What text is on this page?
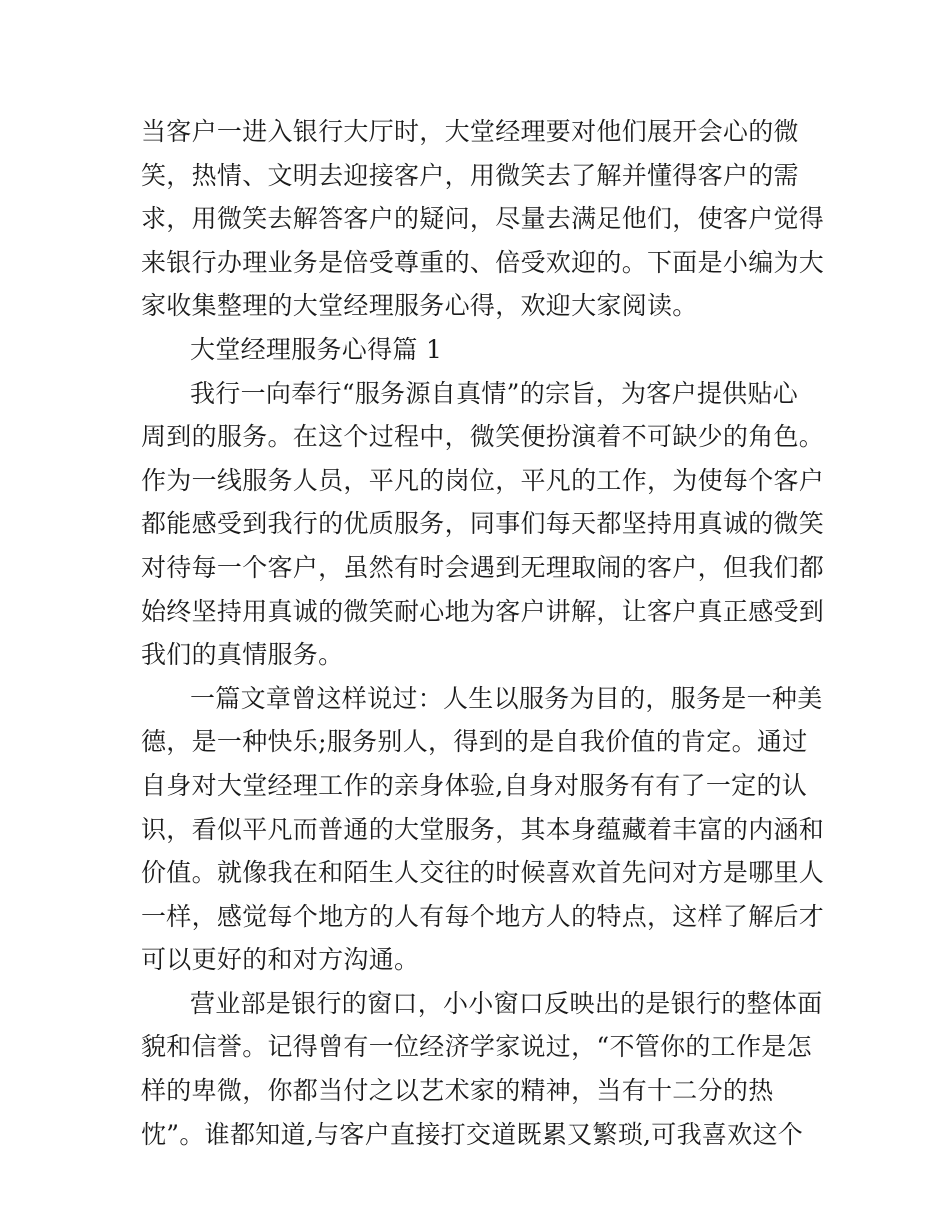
当客户一进入银行大厅时，大堂经理要对他们展开会心的微
笑，热情、文明去迎接客户，用微笑去了解并懂得客户的需
求，用微笑去解答客户的疑问，尽量去满足他们，使客户觉得
来银行办理业务是倍受尊重的、倍受欢迎的。下面是小编为大
家收集整理的大堂经理服务心得，欢迎大家阅读。
大堂经理服务心得篇 1
我行一向奉行“服务源自真情”的宗旨，为客户提供贴心
周到的服务。在这个过程中，微笑便扮演着不可缺少的角色。
作为一线服务人员，平凡的岗位，平凡的工作，为使每个客户
都能感受到我行的优质服务，同事们每天都坚持用真诚的微笑
对待每一个客户，虽然有时会遇到无理取闹的客户，但我们都
始终坚持用真诚的微笑耐心地为客户讲解，让客户真正感受到
我们的真情服务。
一篇文章曾这样说过：人生以服务为目的，服务是一种美
德，是一种快乐;服务别人，得到的是自我价值的肯定。通过
自身对大堂经理工作的亲身体验,自身对服务有有了一定的认
识，看似平凡而普通的大堂服务，其本身蕴藏着丰富的内涵和
价值。就像我在和陌生人交往的时候喜欢首先问对方是哪里人
一样，感觉每个地方的人有每个地方人的特点，这样了解后才
可以更好的和对方沟通。
营业部是银行的窗口，小小窗口反映出的是银行的整体面
貌和信誉。记得曾有一位经济学家说过，“不管你的工作是怎
样的卑微，你都当付之以艺术家的精神，当有十二分的热
忱”。谁都知道,与客户直接打交道既累又繁琐,可我喜欢这个
